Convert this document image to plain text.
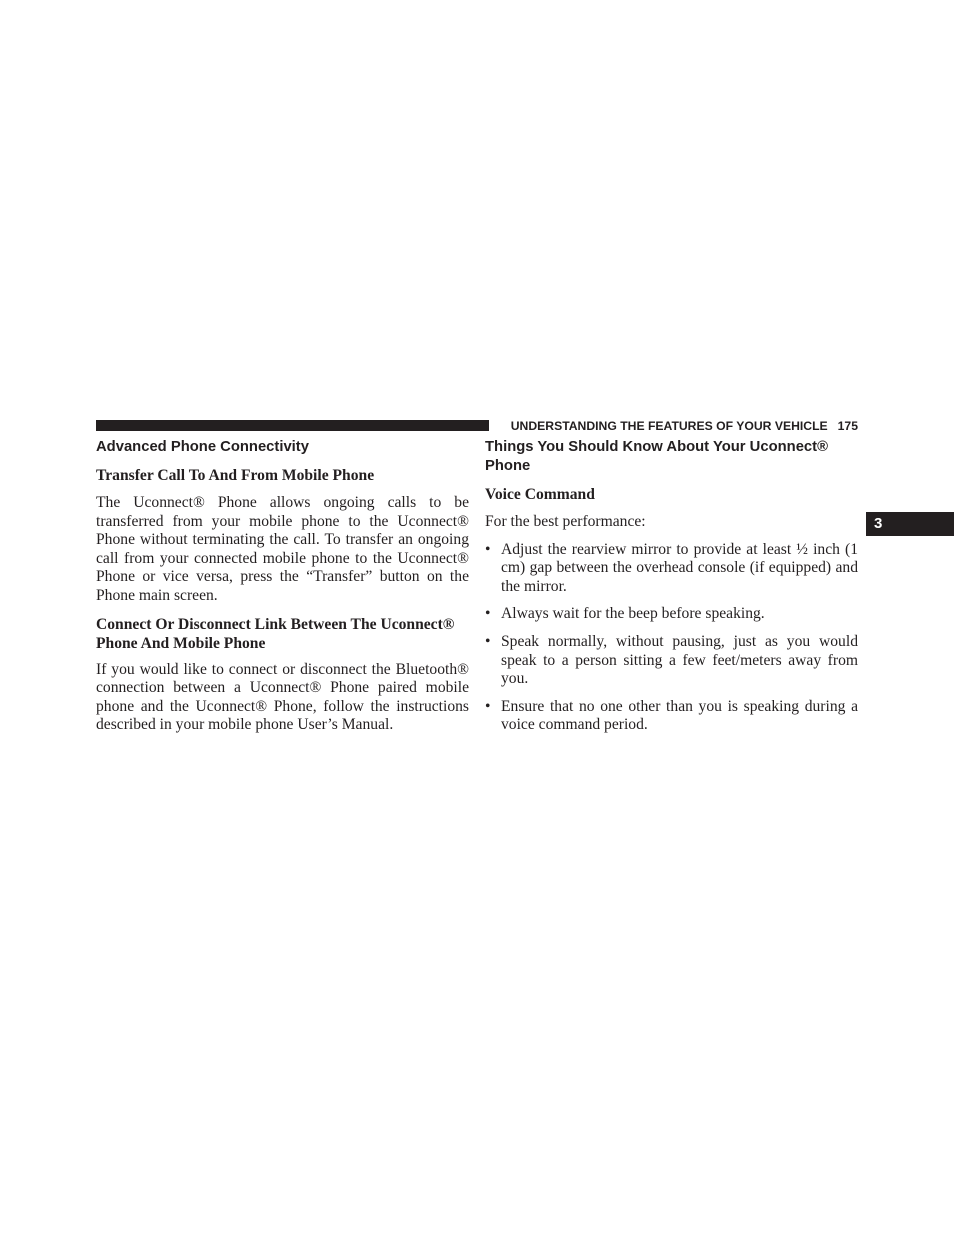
UNDERSTANDING THE FEATURES OF YOUR VEHICLE 175
3
Advanced Phone Connectivity
Transfer Call To And From Mobile Phone

The Uconnect® Phone allows ongoing calls to be transferred from your mobile phone to the Uconnect® Phone without terminating the call. To transfer an ongoing call from your connected mobile phone to the Uconnect® Phone or vice versa, press the “Transfer” button on the Phone main screen.

Connect Or Disconnect Link Between The Uconnect® Phone And Mobile Phone

If you would like to connect or disconnect the Bluetooth® connection between a Uconnect® Phone paired mobile phone and the Uconnect® Phone, follow the instructions described in your mobile phone User’s Manual.

Things You Should Know About Your Uconnect® Phone
Voice Command

For the best performance:

• Adjust the rearview mirror to provide at least ½ inch (1 cm) gap between the overhead console (if equipped) and the mirror.
• Always wait for the beep before speaking.
• Speak normally, without pausing, just as you would speak to a person sitting a few feet/meters away from you.
• Ensure that no one other than you is speaking during a voice command period.
